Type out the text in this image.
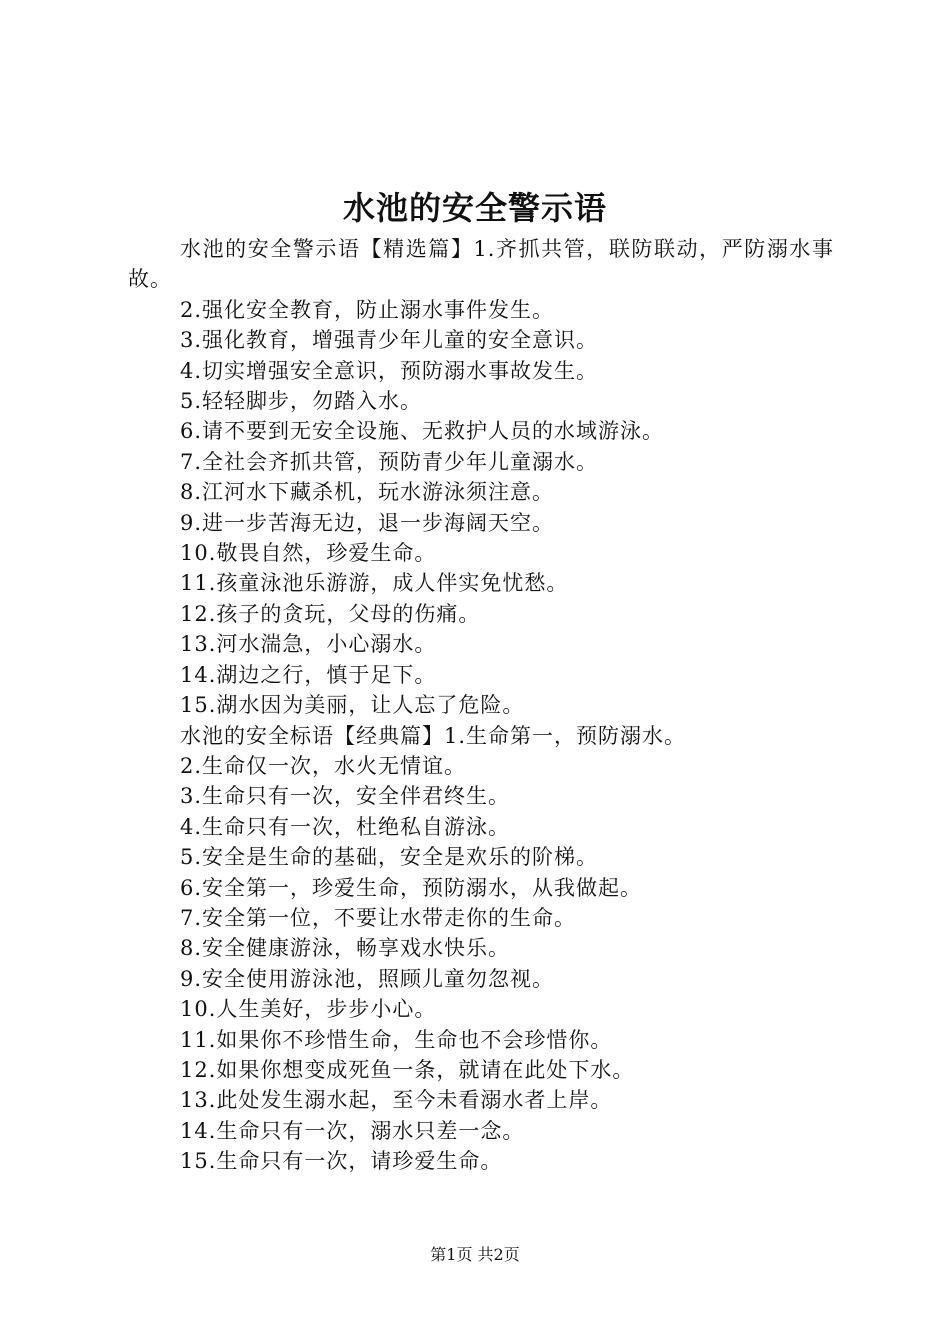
水池的安全警示语

水池的安全警示语【精选篇】1.齐抓共管，联防联动，严防溺水事故。

2.强化安全教育，防止溺水事件发生。

3.强化教育，增强青少年儿童的安全意识。

4.切实增强安全意识，预防溺水事故发生。

5.轻轻脚步，勿踏入水。

6.请不要到无安全设施、无救护人员的水域游泳。

7.全社会齐抓共管，预防青少年儿童溺水。

8.江河水下藏杀机，玩水游泳须注意。

9.进一步苦海无边，退一步海阔天空。

10.敬畏自然，珍爱生命。

11.孩童泳池乐游游，成人伴实免忧愁。

12.孩子的贪玩，父母的伤痛。

13.河水湍急，小心溺水。

14.湖边之行，慎于足下。

15.湖水因为美丽，让人忘了危险。

水池的安全标语【经典篇】1.生命第一，预防溺水。

2.生命仅一次，水火无情谊。

3.生命只有一次，安全伴君终生。

4.生命只有一次，杜绝私自游泳。

5.安全是生命的基础，安全是欢乐的阶梯。

6.安全第一，珍爱生命，预防溺水，从我做起。

7.安全第一位，不要让水带走你的生命。

8.安全健康游泳，畅享戏水快乐。

9.安全使用游泳池，照顾儿童勿忽视。

10.人生美好，步步小心。

11.如果你不珍惜生命，生命也不会珍惜你。

12.如果你想变成死鱼一条，就请在此处下水。

13.此处发生溺水起，至今未看溺水者上岸。

14.生命只有一次，溺水只差一念。

15.生命只有一次，请珍爱生命。

第1页 共2页
